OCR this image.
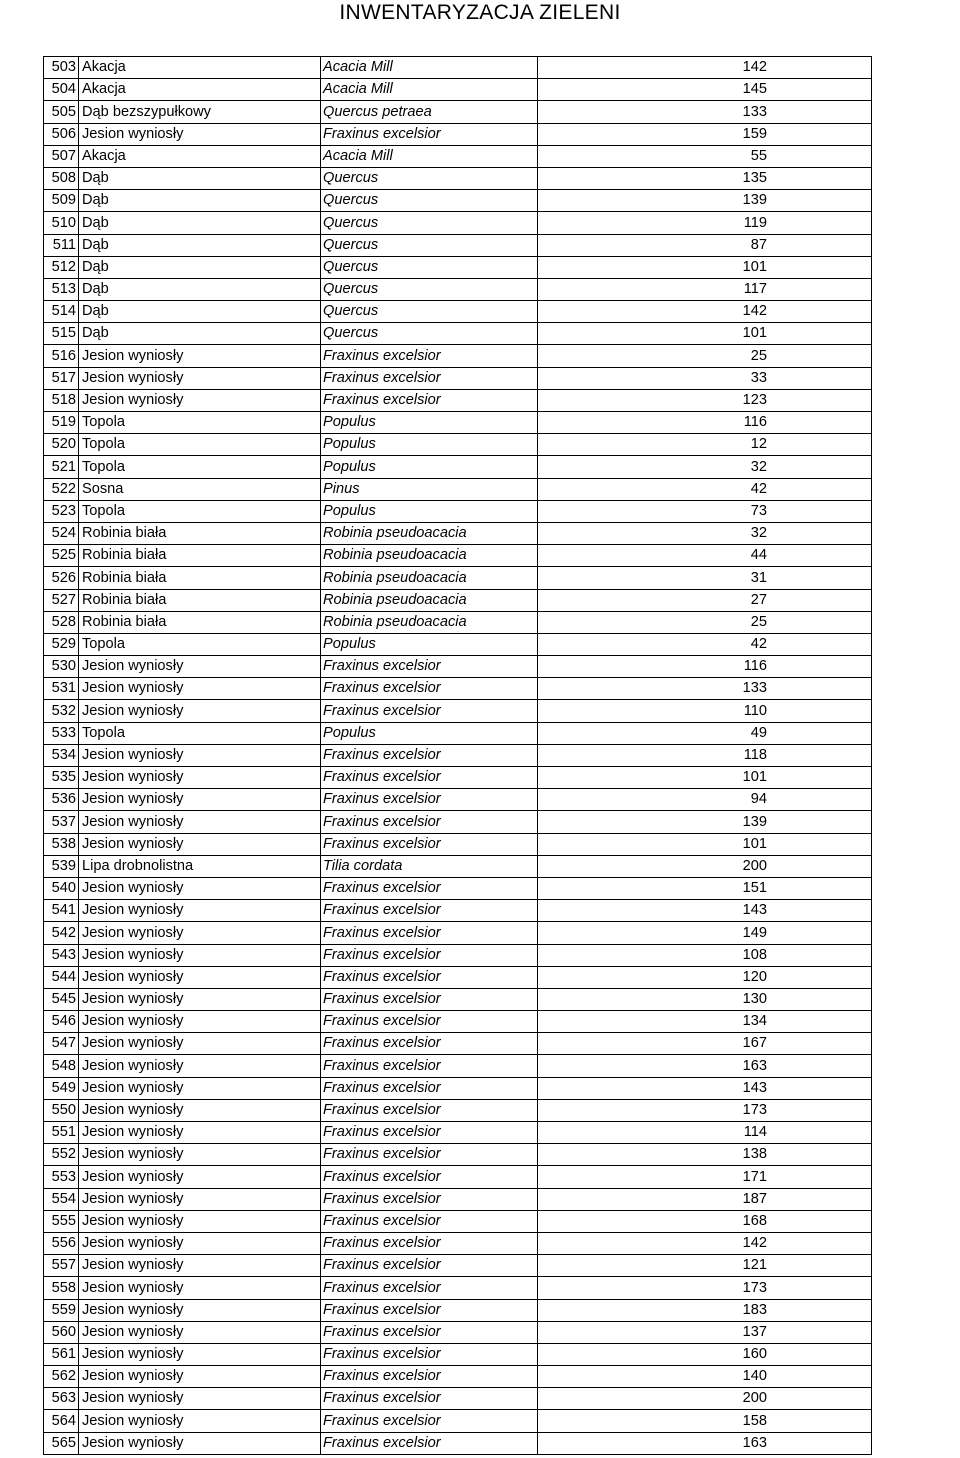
INWENTARYZACJA ZIELENI
503	Akacja	Acacia Mill	142
504	Akacja	Acacia Mill	145
505	Dąb bezszypułkowy	Quercus petraea	133
506	Jesion wyniosły	Fraxinus excelsior	159
507	Akacja	Acacia Mill	55
508	Dąb	Quercus	135
509	Dąb	Quercus	139
510	Dąb	Quercus	119
511	Dąb	Quercus	87
512	Dąb	Quercus	101
513	Dąb	Quercus	117
514	Dąb	Quercus	142
515	Dąb	Quercus	101
516	Jesion wyniosły	Fraxinus excelsior	25
517	Jesion wyniosły	Fraxinus excelsior	33
518	Jesion wyniosły	Fraxinus excelsior	123
519	Topola	Populus	116
520	Topola	Populus	12
521	Topola	Populus	32
522	Sosna	Pinus	42
523	Topola	Populus	73
524	Robinia biała	Robinia pseudoacacia	32
525	Robinia biała	Robinia pseudoacacia	44
526	Robinia biała	Robinia pseudoacacia	31
527	Robinia biała	Robinia pseudoacacia	27
528	Robinia biała	Robinia pseudoacacia	25
529	Topola	Populus	42
530	Jesion wyniosły	Fraxinus excelsior	116
531	Jesion wyniosły	Fraxinus excelsior	133
532	Jesion wyniosły	Fraxinus excelsior	110
533	Topola	Populus	49
534	Jesion wyniosły	Fraxinus excelsior	118
535	Jesion wyniosły	Fraxinus excelsior	101
536	Jesion wyniosły	Fraxinus excelsior	94
537	Jesion wyniosły	Fraxinus excelsior	139
538	Jesion wyniosły	Fraxinus excelsior	101
539	Lipa drobnolistna	Tilia cordata	200
540	Jesion wyniosły	Fraxinus excelsior	151
541	Jesion wyniosły	Fraxinus excelsior	143
542	Jesion wyniosły	Fraxinus excelsior	149
543	Jesion wyniosły	Fraxinus excelsior	108
544	Jesion wyniosły	Fraxinus excelsior	120
545	Jesion wyniosły	Fraxinus excelsior	130
546	Jesion wyniosły	Fraxinus excelsior	134
547	Jesion wyniosły	Fraxinus excelsior	167
548	Jesion wyniosły	Fraxinus excelsior	163
549	Jesion wyniosły	Fraxinus excelsior	143
550	Jesion wyniosły	Fraxinus excelsior	173
551	Jesion wyniosły	Fraxinus excelsior	114
552	Jesion wyniosły	Fraxinus excelsior	138
553	Jesion wyniosły	Fraxinus excelsior	171
554	Jesion wyniosły	Fraxinus excelsior	187
555	Jesion wyniosły	Fraxinus excelsior	168
556	Jesion wyniosły	Fraxinus excelsior	142
557	Jesion wyniosły	Fraxinus excelsior	121
558	Jesion wyniosły	Fraxinus excelsior	173
559	Jesion wyniosły	Fraxinus excelsior	183
560	Jesion wyniosły	Fraxinus excelsior	137
561	Jesion wyniosły	Fraxinus excelsior	160
562	Jesion wyniosły	Fraxinus excelsior	140
563	Jesion wyniosły	Fraxinus excelsior	200
564	Jesion wyniosły	Fraxinus excelsior	158
565	Jesion wyniosły	Fraxinus excelsior	163
